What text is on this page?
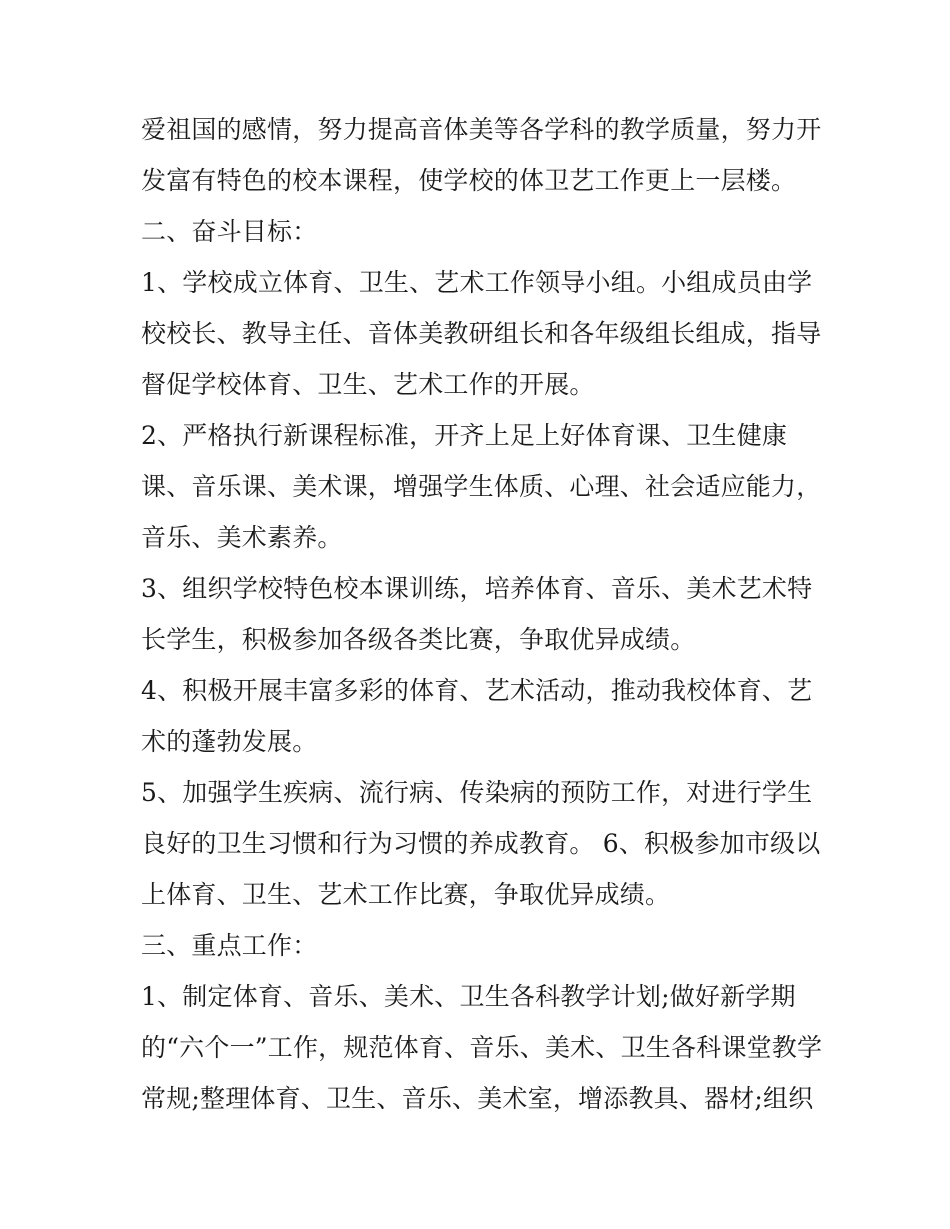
爱祖国的感情，努力提高音体美等各学科的教学质量，努力开
发富有特色的校本课程，使学校的体卫艺工作更上一层楼。
二、奋斗目标：
1、学校成立体育、卫生、艺术工作领导小组。小组成员由学
校校长、教导主任、音体美教研组长和各年级组长组成，指导
督促学校体育、卫生、艺术工作的开展。
2、严格执行新课程标准，开齐上足上好体育课、卫生健康
课、音乐课、美术课，增强学生体质、心理、社会适应能力，
音乐、美术素养。
3、组织学校特色校本课训练，培养体育、音乐、美术艺术特
长学生，积极参加各级各类比赛，争取优异成绩。
4、积极开展丰富多彩的体育、艺术活动，推动我校体育、艺
术的蓬勃发展。
5、加强学生疾病、流行病、传染病的预防工作，对进行学生
良好的卫生习惯和行为习惯的养成教育。 6、积极参加市级以
上体育、卫生、艺术工作比赛，争取优异成绩。
三、重点工作：
1、制定体育、音乐、美术、卫生各科教学计划;做好新学期
的“六个一”工作，规范体育、音乐、美术、卫生各科课堂教学
常规;整理体育、卫生、音乐、美术室，增添教具、器材;组织
